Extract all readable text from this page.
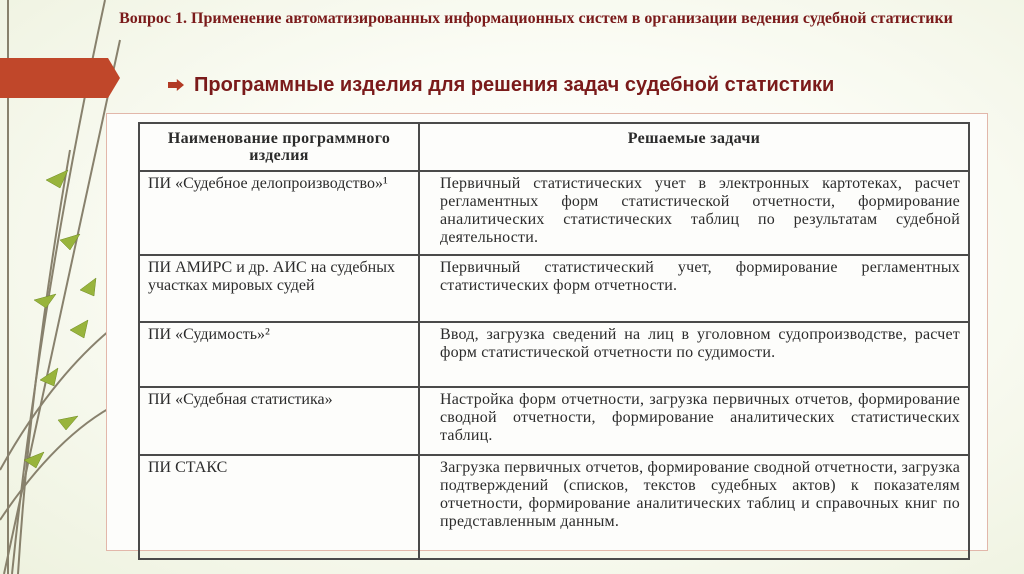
Вопрос 1. Применение автоматизированных информационных систем в организации ведения судебной статистики
Программные изделия для решения задач судебной статистики
Наименование программного изделия	Решаемые задачи
ПИ «Судебное делопроизводство»¹	Первичный статистических учет в электронных картотеках, расчет регламентных форм статистической отчетности, формирование аналитических статистических таблиц по результатам судебной деятельности.
ПИ АМИРС и др. АИС на судебных участках мировых судей	Первичный статистический учет, формирование регламентных статистических форм отчетности.
ПИ «Судимость»²	Ввод, загрузка сведений на лиц в уголовном судопроизводстве, расчет форм статистической отчетности по судимости.
ПИ «Судебная статистика»	Настройка форм отчетности, загрузка первичных отчетов, формирование сводной отчетности, формирование аналитических статистических таблиц.
ПИ СТАКС	Загрузка первичных отчетов, формирование сводной отчетности, загрузка подтверждений (списков, текстов судебных актов) к показателям отчетности, формирование аналитических таблиц и справочных книг по представленным данным.
